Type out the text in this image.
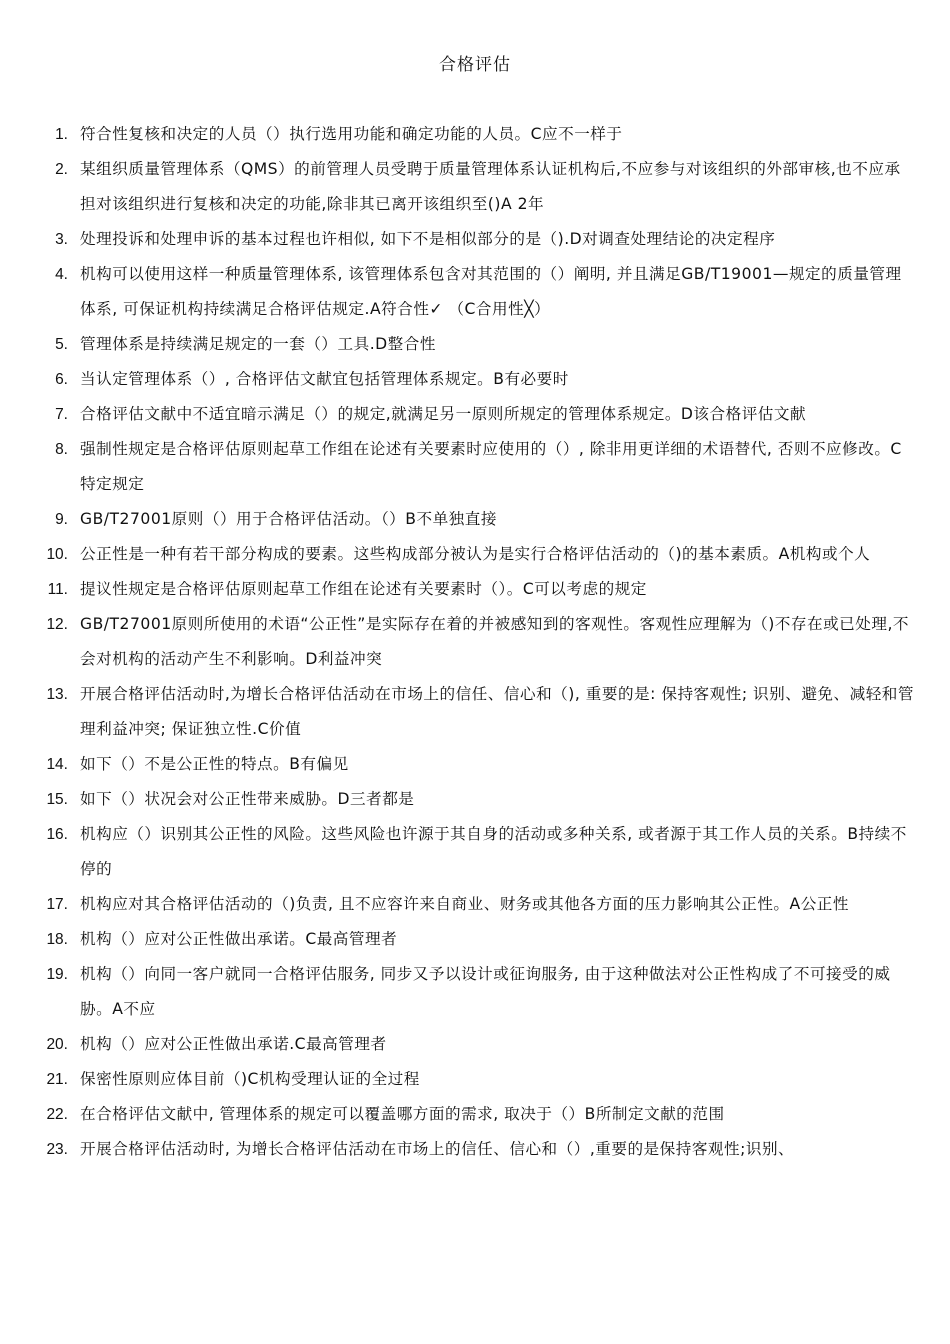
合格评估
1. 符合性复核和决定的人员（）执行选用功能和确定功能的人员。C应不一样于
2. 某组织质量管理体系（QMS）的前管理人员受聘于质量管理体系认证机构后,不应参与对该组织的外部审核,也不应承担对该组织进行复核和决定的功能,除非其已离开该组织至()A 2年
3. 处理投诉和处理申诉的基本过程也许相似, 如下不是相似部分的是（).D对调查处理结论的决定程序
4. 机构可以使用这样一种质量管理体系, 该管理体系包含对其范围的（）阐明, 并且满足GB/T19001—规定的质量管理体系, 可保证机构持续满足合格评估规定.A符合性✓ （C合用性╳）
5. 管理体系是持续满足规定的一套（）工具.D整合性
6. 当认定管理体系（）, 合格评估文献宜包括管理体系规定。B有必要时
7. 合格评估文献中不适宜暗示满足（）的规定,就满足另一原则所规定的管理体系规定。D该合格评估文献
8. 强制性规定是合格评估原则起草工作组在论述有关要素时应使用的（）, 除非用更详细的术语替代, 否则不应修改。C特定规定
9. GB/T27001原则（）用于合格评估活动。（）B不单独直接
10. 公正性是一种有若干部分构成的要素。这些构成部分被认为是实行合格评估活动的（)的基本素质。A机构或个人
11. 提议性规定是合格评估原则起草工作组在论述有关要素时（）。C可以考虑的规定
12. GB/T27001原则所使用的术语“公正性”是实际存在着的并被感知到的客观性。客观性应理解为（)不存在或已处理,不会对机构的活动产生不利影响。D利益冲突
13. 开展合格评估活动时,为增长合格评估活动在市场上的信任、信心和（), 重要的是: 保持客观性; 识别、避免、减轻和管理利益冲突; 保证独立性.C价值
14. 如下（）不是公正性的特点。B有偏见
15. 如下（）状况会对公正性带来威胁。D三者都是
16. 机构应（）识别其公正性的风险。这些风险也许源于其自身的活动或多种关系, 或者源于其工作人员的关系。B持续不停的
17. 机构应对其合格评估活动的（)负责, 且不应容许来自商业、财务或其他各方面的压力影响其公正性。A公正性
18. 机构（）应对公正性做出承诺。C最高管理者
19. 机构（）向同一客户就同一合格评估服务, 同步又予以设计或征询服务, 由于这种做法对公正性构成了不可接受的威胁。A不应
20. 机构（）应对公正性做出承诺.C最高管理者
21. 保密性原则应体目前（)C机构受理认证的全过程
22. 在合格评估文献中, 管理体系的规定可以覆盖哪方面的需求, 取决于（）B所制定文献的范围
23. 开展合格评估活动时, 为增长合格评估活动在市场上的信任、信心和（）,重要的是保持客观性;识别、
